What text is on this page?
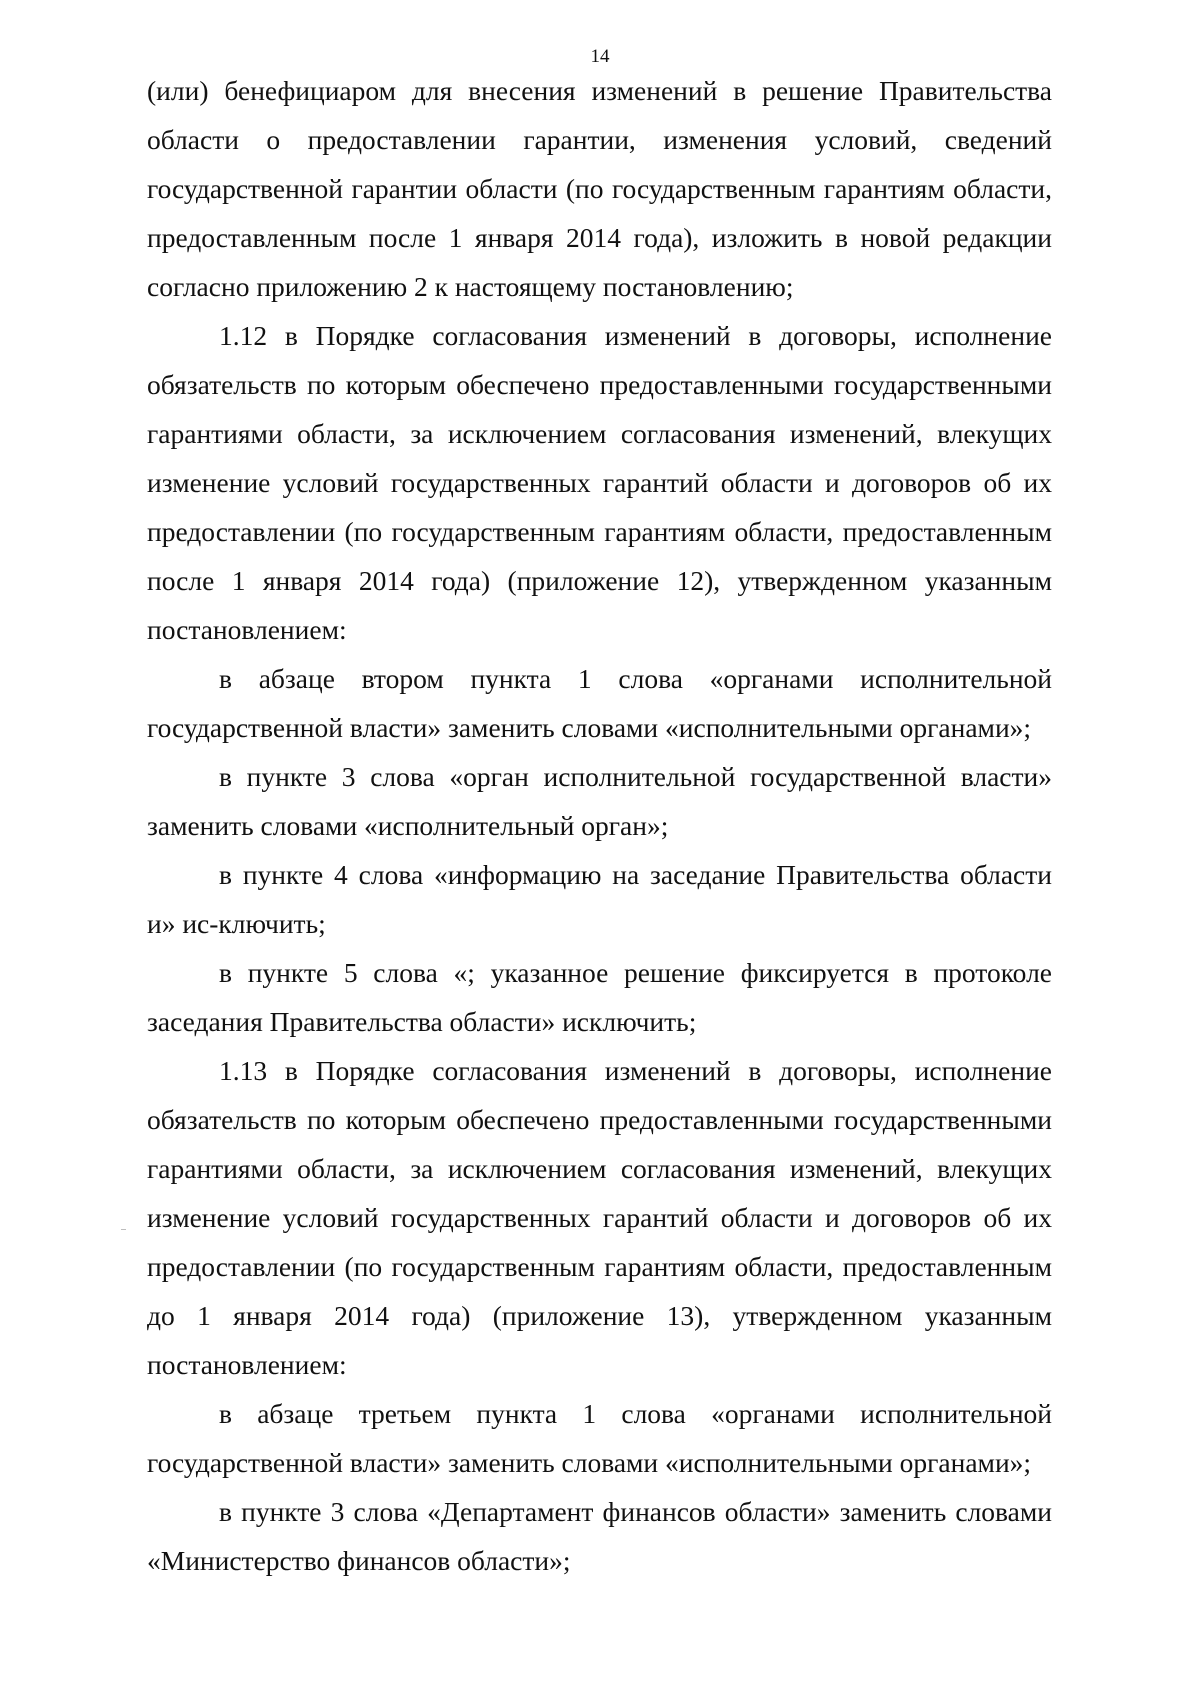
14

(или) бенефициаром для внесения изменений в решение Правительства области о предоставлении гарантии, изменения условий, сведений государственной гарантии области (по государственным гарантиям области, предоставленным после 1 января 2014 года), изложить в новой редакции согласно приложению 2 к настоящему постановлению;

1.12 в Порядке согласования изменений в договоры, исполнение обязательств по которым обеспечено предоставленными государственными гарантиями области, за исключением согласования изменений, влекущих изменение условий государственных гарантий области и договоров об их предоставлении (по государственным гарантиям области, предоставленным после 1 января 2014 года) (приложение 12), утвержденном указанным постановлением:

в абзаце втором пункта 1 слова «органами исполнительной государственной власти» заменить словами «исполнительными органами»;

в пункте 3 слова «орган исполнительной государственной власти» заменить словами «исполнительный орган»;

в пункте 4 слова «информацию на заседание Правительства области и» ис-ключить;

в пункте 5 слова «; указанное решение фиксируется в протоколе заседания Правительства области» исключить;

1.13 в Порядке согласования изменений в договоры, исполнение обязательств по которым обеспечено предоставленными государственными гарантиями области, за исключением согласования изменений, влекущих изменение условий государственных гарантий области и договоров об их предоставлении (по государственным гарантиям области, предоставленным до 1 января 2014 года) (приложение 13), утвержденном указанным постановлением:

в абзаце третьем пункта 1 слова «органами исполнительной государственной власти» заменить словами «исполнительными органами»;

в пункте 3 слова «Департамент финансов области» заменить словами «Министерство финансов области»;
